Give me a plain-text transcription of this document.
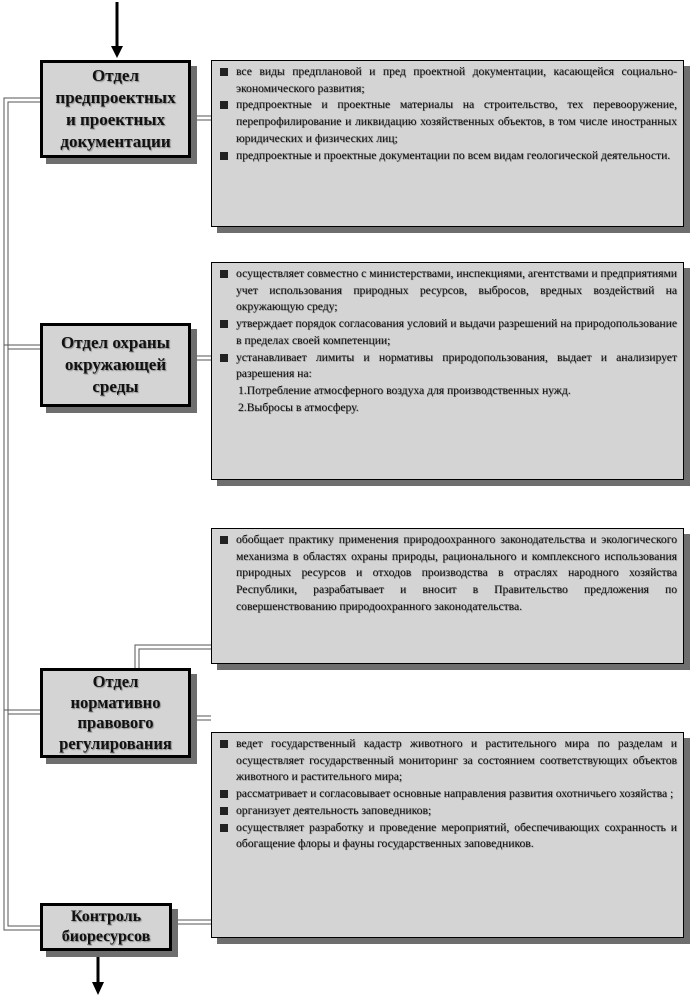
Отдел
предпроектных
и проектных
документации
Отдел охраны
окружающей
среды
Отдел
нормативно
правового
регулирования
Контроль
биоресурсов
все виды предплановой и пред проектной документации, касающейся социально-экономического развития;
предпроектные и проектные материалы на строительство, тех перевооружение, перепрофилирование и ликвидацию хозяйственных объектов, в том числе иностранных юридических и физических лиц;
предпроектные и проектные документации по всем видам геологической деятельности.
осуществляет совместно с министерствами, инспекциями, агентствами и предприятиями учет использования природных ресурсов, выбросов, вредных воздействий на окружающую среду;
утверждает порядок согласования условий и выдачи разрешений на природопользование в пределах своей компетенции;
устанавливает лимиты и нормативы природопользования, выдает и анализирует разрешения на:
1.Потребление атмосферного воздуха для производственных нужд.
2.Выбросы в атмосферу.
обобщает практику применения природоохранного законодательства и экологического механизма в областях охраны природы, рационального и комплексного использования природных ресурсов и отходов производства в отраслях народного хозяйства Республики, разрабатывает и вносит в Правительство предложения по совершенствованию природоохранного законодательства.
ведет государственный кадастр животного и растительного мира по разделам и осуществляет государственный мониторинг за состоянием соответствующих объектов животного и растительного мира;
рассматривает и согласовывает основные направления развития охотничьего хозяйства ;
организует деятельность заповедников;
осуществляет разработку и проведение мероприятий, обеспечивающих сохранность и обогащение флоры и фауны государственных заповедников.
